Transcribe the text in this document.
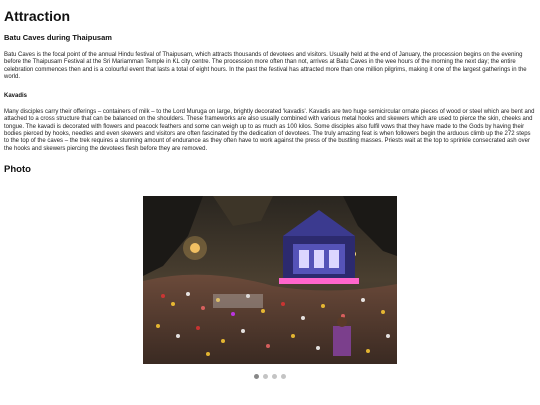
Attraction
Batu Caves during Thaipusam

Batu Caves is the focal point of the annual Hindu festival of Thaipusam, which attracts thousands of devotees and visitors. Usually held at the end of January, the procession begins on the evening before the Thaipusam Festival at the Sri Mariamman Temple in KL city centre. The procession more often than not, arrives at Batu Caves in the wee hours of the morning the next day; the entire celebration commences then and is a colourful event that lasts a total of eight hours. In the past the festival has attracted more than one million pilgrims, making it one of the largest gatherings in the world.

Kavadis

Many disciples carry their offerings – containers of milk – to the Lord Muruga on large, brightly decorated 'kavadis'. Kavadis are two huge semicircular ornate pieces of wood or steel which are bent and attached to a cross structure that can be balanced on the shoulders. These frameworks are also usually combined with various metal hooks and skewers which are used to pierce the skin, cheeks and tongue. The kavadi is decorated with flowers and peacock feathers and some can weigh up to as much as 100 kilos. Some disciples also fulfil vows that they have made to the Gods by having their bodies pierced by hooks, needles and even skewers and visitors are often fascinated by the dedication of devotees. The truly amazing feat is when followers begin the arduous climb up the 272 steps to the top of the caves – the trek requires a stunning amount of endurance as they often have to work against the press of the bustling masses. Priests wait at the top to sprinkle consecrated ash over the hooks and skewers piercing the devotees flesh before they are removed.

Photo
